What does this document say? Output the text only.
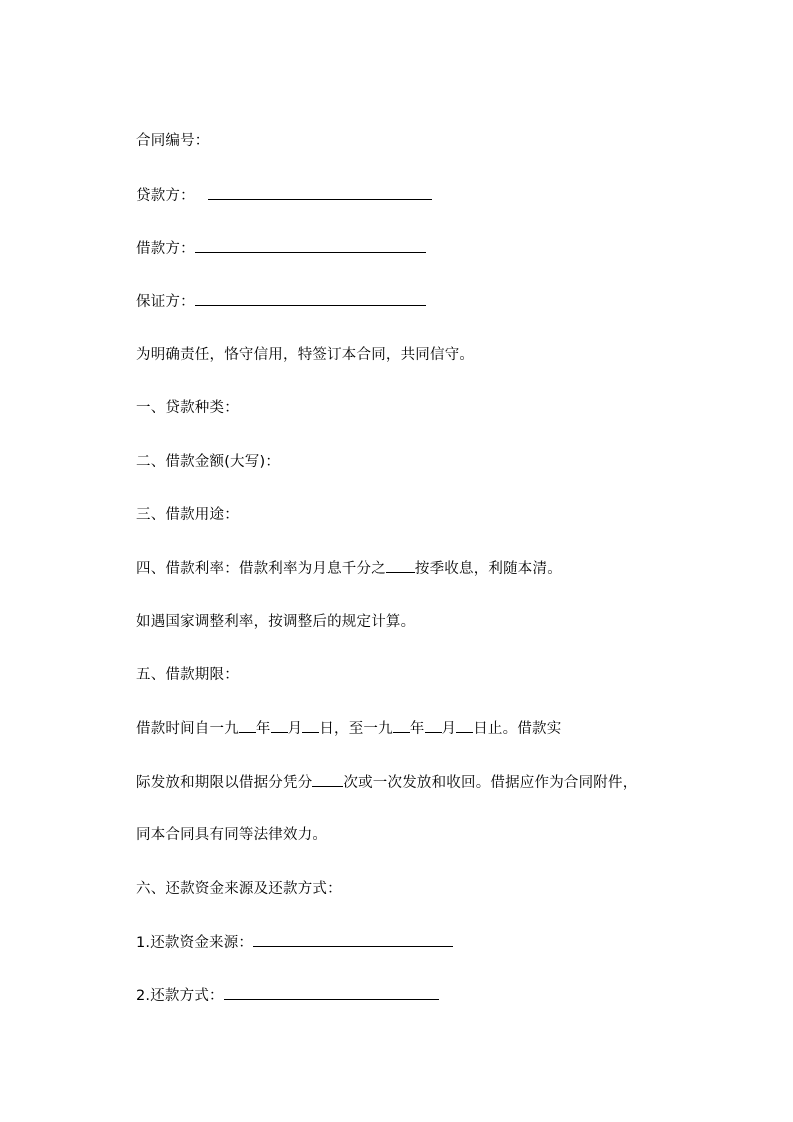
合同编号：
贷款方：
借款方：
保证方：
为明确责任，恪守信用，特签订本合同，共同信守。
一、贷款种类：
二、借款金额(大写)：
三、借款用途：
四、借款利率：借款利率为月息千分之 按季收息，利随本清。
如遇国家调整利率，按调整后的规定计算。
五、借款期限：
借款时间自一九 年 月 日，至一九 年 月 日止。借款实
际发放和期限以借据分凭分 次或一次发放和收回。借据应作为合同附件，
同本合同具有同等法律效力。
六、还款资金来源及还款方式：
1.还款资金来源：
2.还款方式：
